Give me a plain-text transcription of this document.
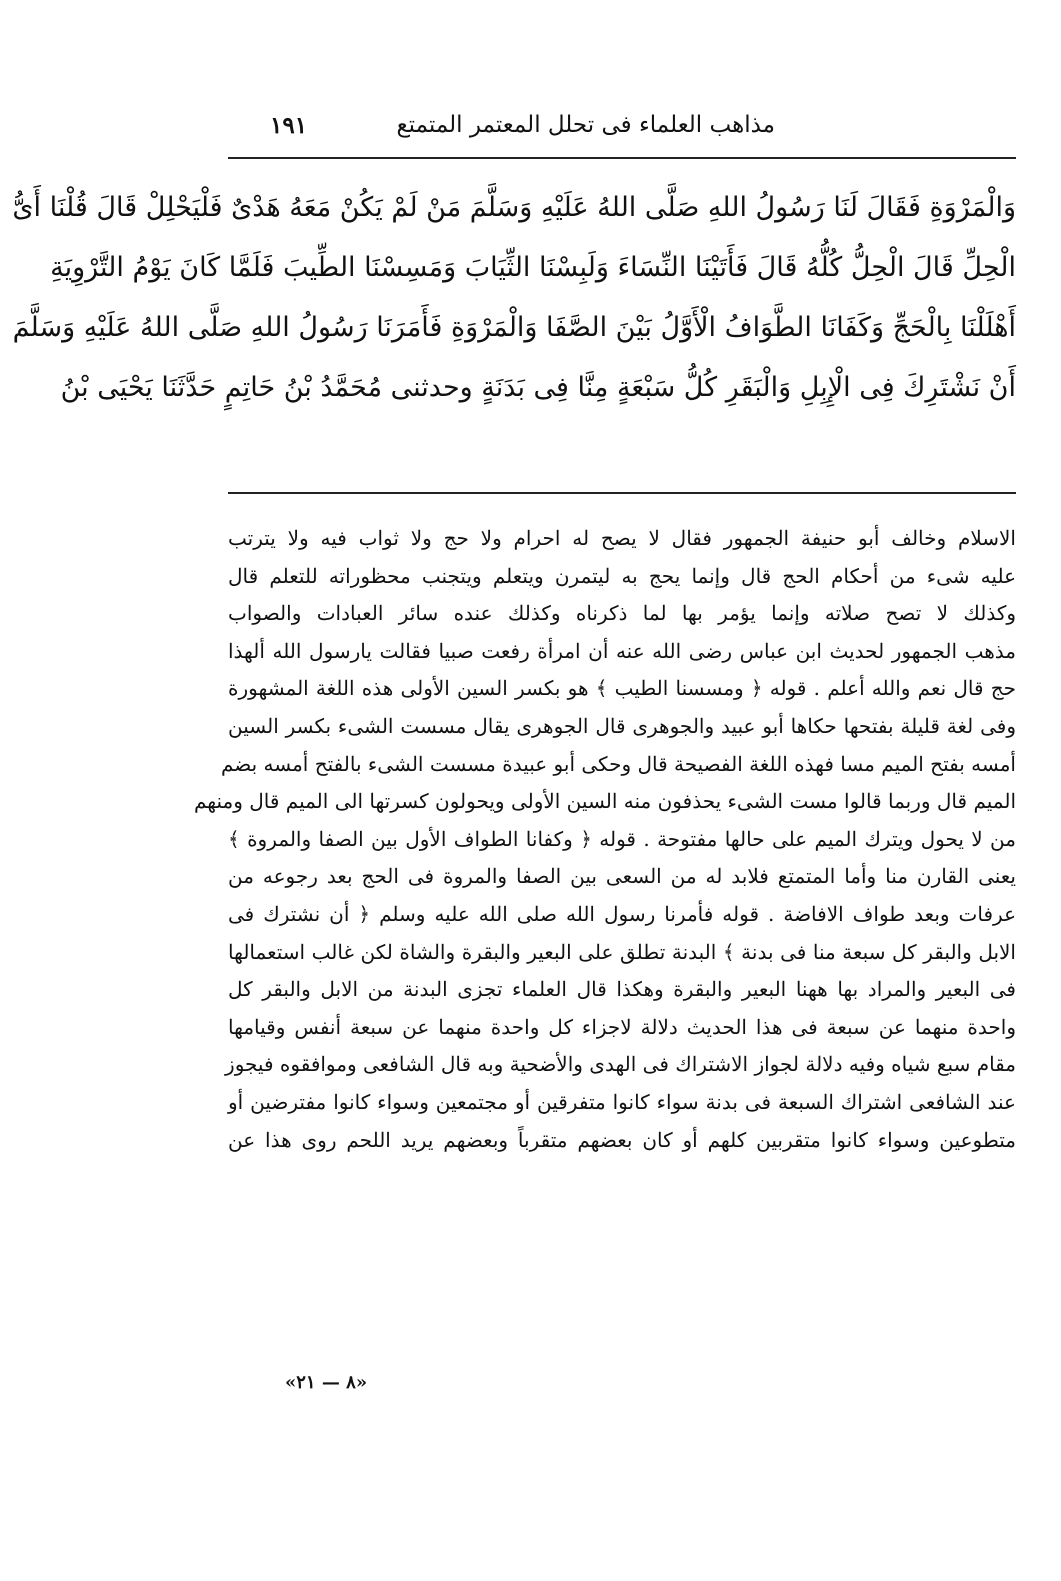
مذاهب العلماء فى تحلل المعتمر المتمتع
١٩١
وَالْمَرْوَةِ فَقَالَ لَنَا رَسُولُ اللهِ صَلَّى اللهُ عَلَيْهِ وَسَلَّمَ مَنْ لَمْ يَكُنْ مَعَهُ هَدْىٌ فَلْيَحْلِلْ قَالَ قُلْنَا أَىُّ
الْحِلِّ قَالَ الْحِلُّ كُلُّهُ قَالَ فَأَتَيْنَا النِّسَاءَ وَلَبِسْنَا الثِّيَابَ وَمَسِسْنَا الطِّيبَ فَلَمَّا كَانَ يَوْمُ التَّرْوِيَةِ
أَهْلَلْنَا بِالْحَجِّ وَكَفَانَا الطَّوَافُ الْأَوَّلُ بَيْنَ الصَّفَا وَالْمَرْوَةِ فَأَمَرَنَا رَسُولُ اللهِ صَلَّى اللهُ عَلَيْهِ وَسَلَّمَ
أَنْ نَشْتَرِكَ فِى الْإِبِلِ وَالْبَقَرِ كُلُّ سَبْعَةٍ مِنَّا فِى بَدَنَةٍ وحدثنى مُحَمَّدُ بْنُ حَاتِمٍ حَدَّثَنَا يَحْيَى بْنُ
الاسلام وخالف أبو حنيفة الجمهور فقال لا يصح له احرام ولا حج ولا ثواب فيه ولا يترتب
عليه شىء من أحكام الحج قال وإنما يحج به ليتمرن ويتعلم ويتجنب محظوراته للتعلم قال
وكذلك لا تصح صلاته وإنما يؤمر بها لما ذكرناه وكذلك عنده سائر العبادات والصواب
مذهب الجمهور لحديث ابن عباس رضى الله عنه أن امرأة رفعت صبيا فقالت يارسول الله ألهذا
حج قال نعم والله أعلم . قوله ﴿ ومسسنا الطيب ﴾ هو بكسر السين الأولى هذه اللغة المشهورة
وفى لغة قليلة بفتحها حكاها أبو عبيد والجوهرى قال الجوهرى يقال مسست الشىء بكسر السين
أمسه بفتح الميم مسا فهذه اللغة الفصيحة قال وحكى أبو عبيدة مسست الشىء بالفتح أمسه بضم
الميم قال وربما قالوا مست الشىء يحذفون منه السين الأولى ويحولون كسرتها الى الميم قال ومنهم
من لا يحول ويترك الميم على حالها مفتوحة . قوله ﴿ وكفانا الطواف الأول بين الصفا والمروة ﴾
يعنى القارن منا وأما المتمتع فلابد له من السعى بين الصفا والمروة فى الحج بعد رجوعه من
عرفات وبعد طواف الافاضة . قوله فأمرنا رسول الله صلى الله عليه وسلم ﴿ أن نشترك فى
الابل والبقر كل سبعة منا فى بدنة ﴾ البدنة تطلق على البعير والبقرة والشاة لكن غالب استعمالها
فى البعير والمراد بها ههنا البعير والبقرة وهكذا قال العلماء تجزى البدنة من الابل والبقر كل
واحدة منهما عن سبعة فى هذا الحديث دلالة لاجزاء كل واحدة منهما عن سبعة أنفس وقيامها
مقام سبع شياه وفيه دلالة لجواز الاشتراك فى الهدى والأضحية وبه قال الشافعى وموافقوه فيجوز
عند الشافعى اشتراك السبعة فى بدنة سواء كانوا متفرقين أو مجتمعين وسواء كانوا مفترضين أو
متطوعين وسواء كانوا متقربين كلهم أو كان بعضهم متقرباً وبعضهم يريد اللحم روى هذا عن
«٨ — ٢١»
